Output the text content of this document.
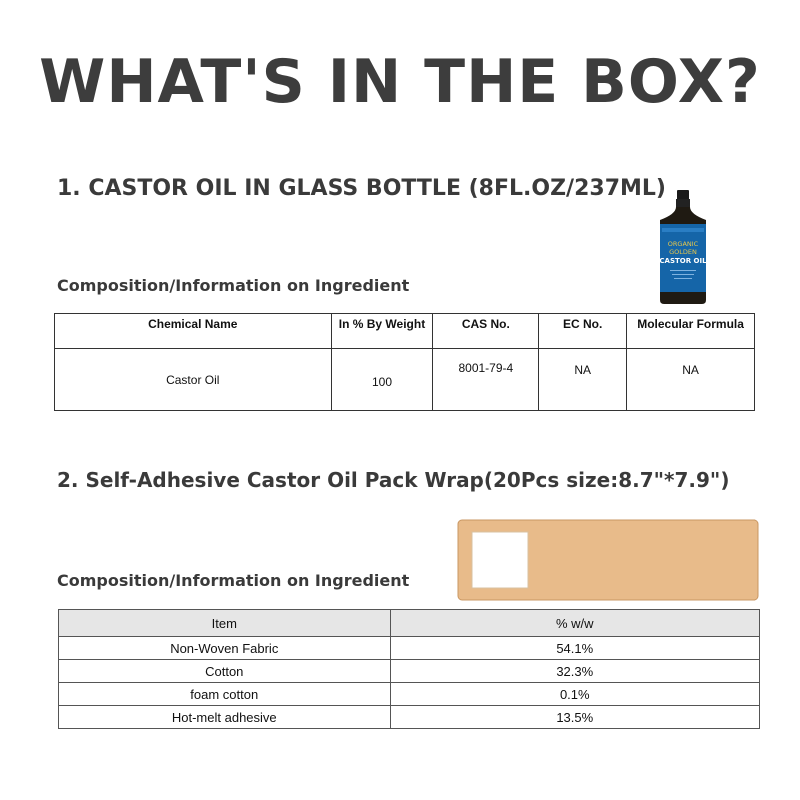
WHAT'S IN THE BOX?
1. CASTOR OIL IN GLASS BOTTLE (8FL.OZ/237ML)
ORGANIC
GOLDEN
CASTOR OIL
Composition/Information on Ingredient
Chemical Name	In % By Weight	CAS No.	EC No.	Molecular Formula
Castor Oil	100	8001-79-4	NA	NA
2. Self-Adhesive Castor Oil Pack Wrap(20Pcs size:8.7"*7.9")
Composition/Information on Ingredient
Item	% w/w
Non-Woven Fabric	54.1%
Cotton	32.3%
foam cotton	0.1%
Hot-melt adhesive	13.5%
